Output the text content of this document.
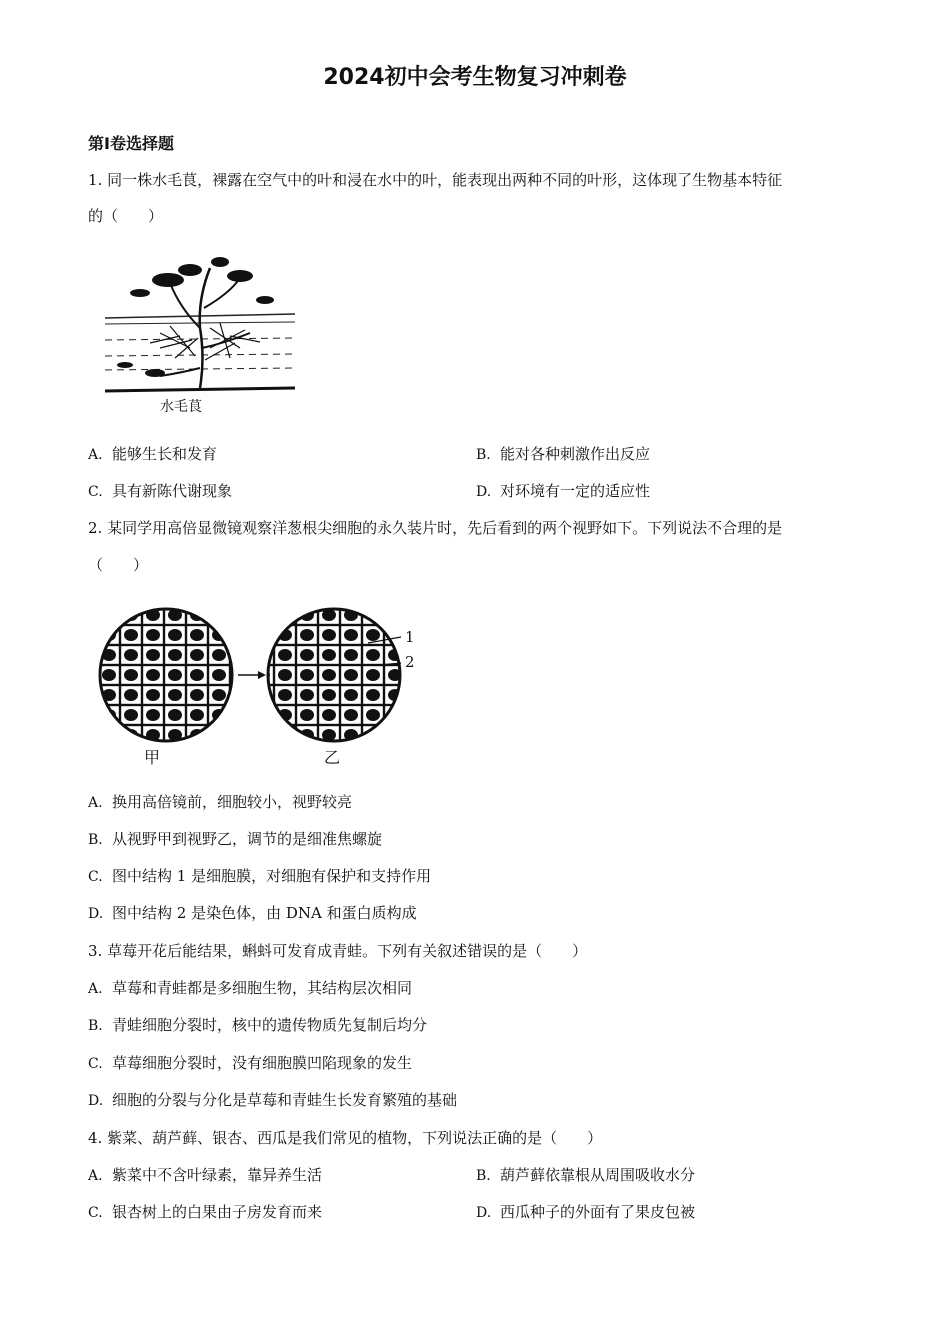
2024初中会考生物复习冲刺卷
第Ⅰ卷选择题
1. 同一株水毛茛，裸露在空气中的叶和浸在水中的叶，能表现出两种不同的叶形，这体现了生物基本特征
的（　　）
水毛茛
A. 能够生长和发育	B. 能对各种刺激作出反应
C. 具有新陈代谢现象	D. 对环境有一定的适应性
2. 某同学用高倍显微镜观察洋葱根尖细胞的永久装片时，先后看到的两个视野如下。下列说法不合理的是
（　　）
1
2
甲	乙
A. 换用高倍镜前，细胞较小，视野较亮
B. 从视野甲到视野乙，调节的是细准焦螺旋
C. 图中结构 1 是细胞膜，对细胞有保护和支持作用
D. 图中结构 2 是染色体，由 DNA 和蛋白质构成
3. 草莓开花后能结果，蝌蚪可发育成青蛙。下列有关叙述错误的是（　　）
A. 草莓和青蛙都是多细胞生物，其结构层次相同
B. 青蛙细胞分裂时，核中的遗传物质先复制后均分
C. 草莓细胞分裂时，没有细胞膜凹陷现象的发生
D. 细胞的分裂与分化是草莓和青蛙生长发育繁殖的基础
4. 紫菜、葫芦藓、银杏、西瓜是我们常见的植物，下列说法正确的是（　　）
A. 紫菜中不含叶绿素，靠异养生活	B. 葫芦藓依靠根从周围吸收水分
C. 银杏树上的白果由子房发育而来	D. 西瓜种子的外面有了果皮包被
